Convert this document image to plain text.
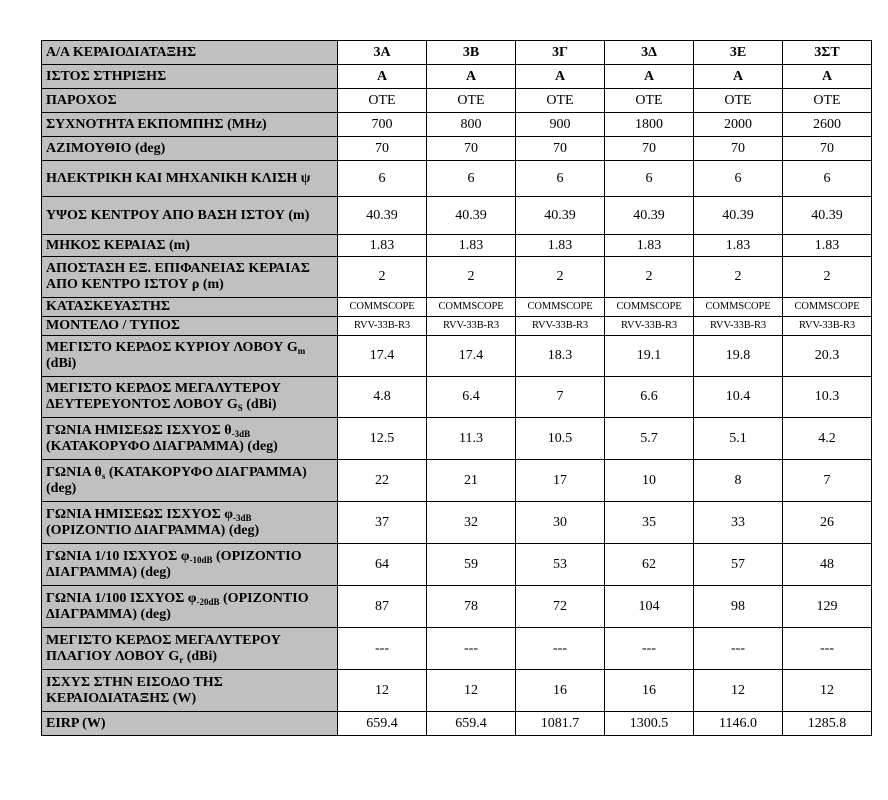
Α/Α ΚΕΡΑΙΟΔΙΑΤΑΞΗΣ	3Α	3Β	3Γ	3Δ	3Ε	3ΣΤ
ΙΣΤΟΣ ΣΤΗΡΙΞΗΣ	Α	Α	Α	Α	Α	Α
ΠΑΡΟΧΟΣ	ΟΤΕ	ΟΤΕ	ΟΤΕ	ΟΤΕ	ΟΤΕ	ΟΤΕ
ΣΥΧΝΟΤΗΤΑ ΕΚΠΟΜΠΗΣ (MHz)	700	800	900	1800	2000	2600
ΑΖΙΜΟΥΘΙΟ (deg)	70	70	70	70	70	70
ΗΛΕΚΤΡΙΚΗ ΚΑΙ ΜΗΧΑΝΙΚΗ ΚΛΙΣΗ ψ	6	6	6	6	6	6
ΥΨΟΣ ΚΕΝΤΡΟΥ ΑΠΟ ΒΑΣΗ ΙΣΤΟΥ (m)	40.39	40.39	40.39	40.39	40.39	40.39
ΜΗΚΟΣ ΚΕΡΑΙΑΣ (m)	1.83	1.83	1.83	1.83	1.83	1.83
ΑΠΟΣΤΑΣΗ ΕΞ. ΕΠΙΦΑΝΕΙΑΣ ΚΕΡΑΙΑΣ ΑΠΟ ΚΕΝΤΡΟ ΙΣΤΟΥ ρ (m)	2	2	2	2	2	2
ΚΑΤΑΣΚΕΥΑΣΤΗΣ	COMMSCOPE	COMMSCOPE	COMMSCOPE	COMMSCOPE	COMMSCOPE	COMMSCOPE
ΜΟΝΤΕΛΟ / ΤΥΠΟΣ	RVV-33B-R3	RVV-33B-R3	RVV-33B-R3	RVV-33B-R3	RVV-33B-R3	RVV-33B-R3
ΜΕΓΙΣΤΟ ΚΕΡΔΟΣ ΚΥΡΙΟΥ ΛΟΒΟΥ $G_m$ (dBi)	17.4	17.4	18.3	19.1	19.8	20.3
ΜΕΓΙΣΤΟ ΚΕΡΔΟΣ ΜΕΓΑΛΥΤΕΡΟΥ ΔΕΥΤΕΡΕΥΟΝΤΟΣ ΛΟΒΟΥ $G_S$ (dBi)	4.8	6.4	7	6.6	10.4	10.3
ΓΩΝΙΑ ΗΜΙΣΕΩΣ ΙΣΧΥΟΣ $\theta_{-3dB}$ (ΚΑΤΑΚΟΡΥΦΟ ΔΙΑΓΡΑΜΜΑ) (deg)	12.5	11.3	10.5	5.7	5.1	4.2
ΓΩΝΙΑ $\theta_s$ (ΚΑΤΑΚΟΡΥΦΟ ΔΙΑΓΡΑΜΜΑ) (deg)	22	21	17	10	8	7
ΓΩΝΙΑ ΗΜΙΣΕΩΣ ΙΣΧΥΟΣ $\varphi_{-3dB}$ (ΟΡΙΖΟΝΤΙΟ ΔΙΑΓΡΑΜΜΑ) (deg)	37	32	30	35	33	26
ΓΩΝΙΑ 1/10 ΙΣΧΥΟΣ $\varphi_{-10dB}$ (ΟΡΙΖΟΝΤΙΟ ΔΙΑΓΡΑΜΜΑ) (deg)	64	59	53	62	57	48
ΓΩΝΙΑ 1/100 ΙΣΧΥΟΣ $\varphi_{-20dB}$ (ΟΡΙΖΟΝΤΙΟ ΔΙΑΓΡΑΜΜΑ) (deg)	87	78	72	104	98	129
ΜΕΓΙΣΤΟ ΚΕΡΔΟΣ ΜΕΓΑΛΥΤΕΡΟΥ ΠΛΑΓΙΟΥ ΛΟΒΟΥ $G_r$ (dBi)	---	---	---	---	---	---
ΙΣΧΥΣ ΣΤΗΝ ΕΙΣΟΔΟ ΤΗΣ ΚΕΡΑΙΟΔΙΑΤΑΞΗΣ (W)	12	12	16	16	12	12
EIRP (W)	659.4	659.4	1081.7	1300.5	1146.0	1285.8
